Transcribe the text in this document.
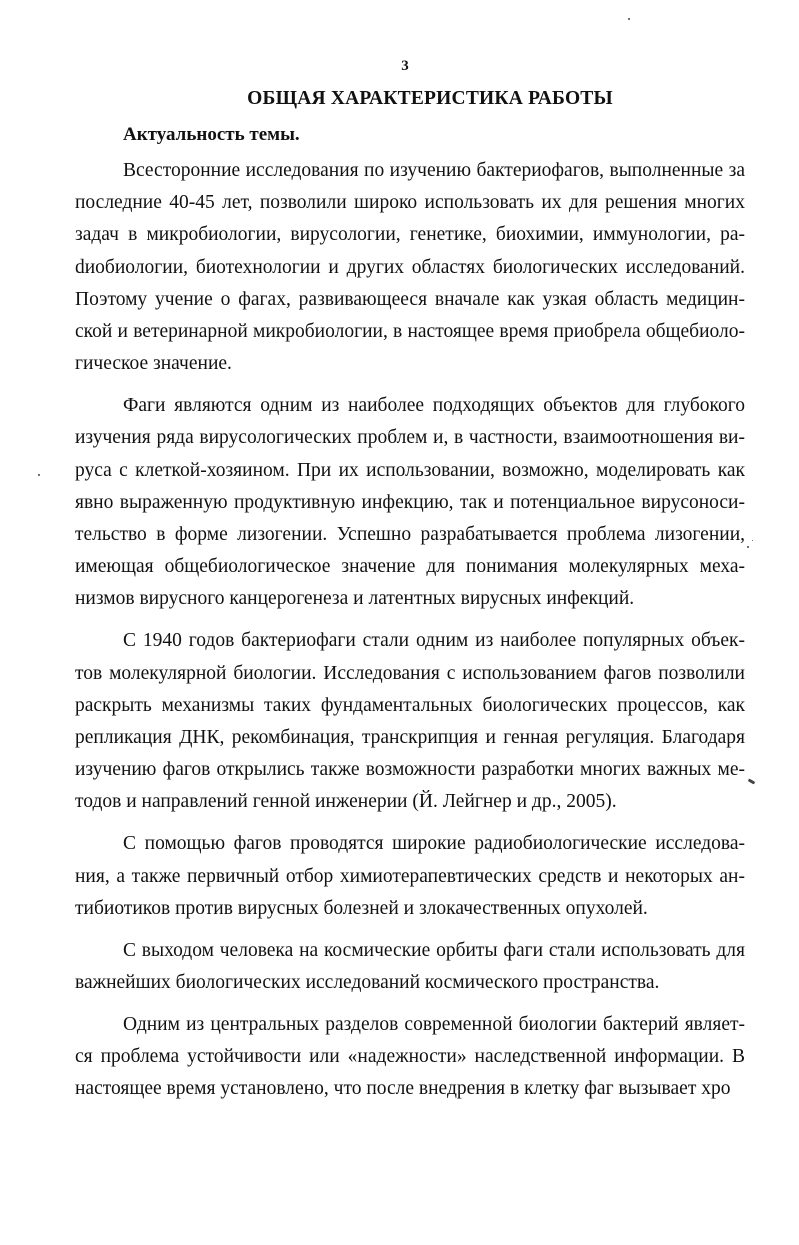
3
ОБЩАЯ ХАРАКТЕРИСТИКА РАБОТЫ
Актуальность темы.

Всесторонние исследования по изучению бактериофагов, выполненные за последние 40-45 лет, позволили широко использовать их для решения многих задач в микробиологии, вирусологии, генетике, биохимии, иммунологии, раdиобиологии, биотехнологии и других областях биологических исследований. Поэтому учение о фагах, развивающееся вначале как узкая область медицинской и ветеринарной микробиологии, в настоящее время приобрела общебиологическое значение.

Фаги являются одним из наиболее подходящих объектов для глубокого изучения ряда вирусологических проблем и, в частности, взаимоотношения вируса с клеткой-хозяином. При их использовании, возможно, моделировать как явно выраженную продуктивную инфекцию, так и потенциальное вирусоносительство в форме лизогении. Успешно разрабатывается проблема лизогении, имеющая общебиологическое значение для понимания молекулярных механизмов вирусного канцерогенеза и латентных вирусных инфекций.

С 1940 годов бактериофаги стали одним из наиболее популярных объектов молекулярной биологии. Исследования с использованием фагов позволили раскрыть механизмы таких фундаментальных биологических процессов, как репликация ДНК, рекомбинация, транскрипция и генная регуляция. Благодаря изучению фагов открылись также возможности разработки многих важных методов и направлений генной инженерии (Й. Лейгнер и др., 2005).

С помощью фагов проводятся широкие радиобиологические исследования, а также первичный отбор химиотерапевтических средств и некоторых антибиотиков против вирусных болезней и злокачественных опухолей.

С выходом человека на космические орбиты фаги стали использовать для важнейших биологических исследований космического пространства.

Одним из центральных разделов современной биологии бактерий является проблема устойчивости или «надежности» наследственной информации. В настоящее время установлено, что после внедрения в клетку фаг вызывает хро
